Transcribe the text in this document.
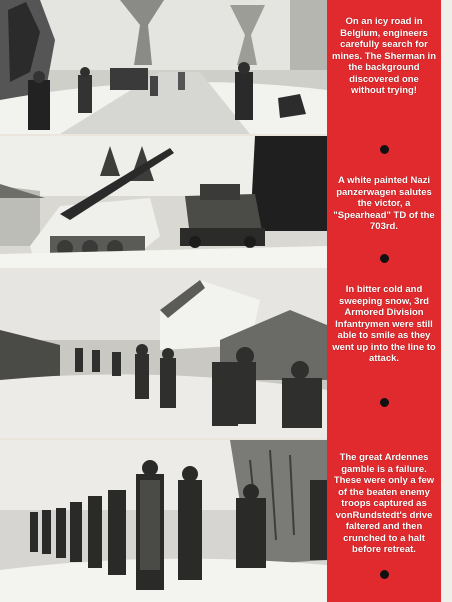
On an icy road in Belgium, engineers carefully search for mines. The Sherman in the background discovered one without trying!
A white painted Nazi panzerwagen salutes the victor, a "Spearhead" TD of the 703rd.
In bitter cold and sweeping snow, 3rd Armored Division Infantrymen were still able to smile as they went up into the line to attack.
The great Ardennes gamble is a failure. These were only a few of the beaten enemy troops captured as vonRundstedt's drive faltered and then crunched to a halt before retreat.
